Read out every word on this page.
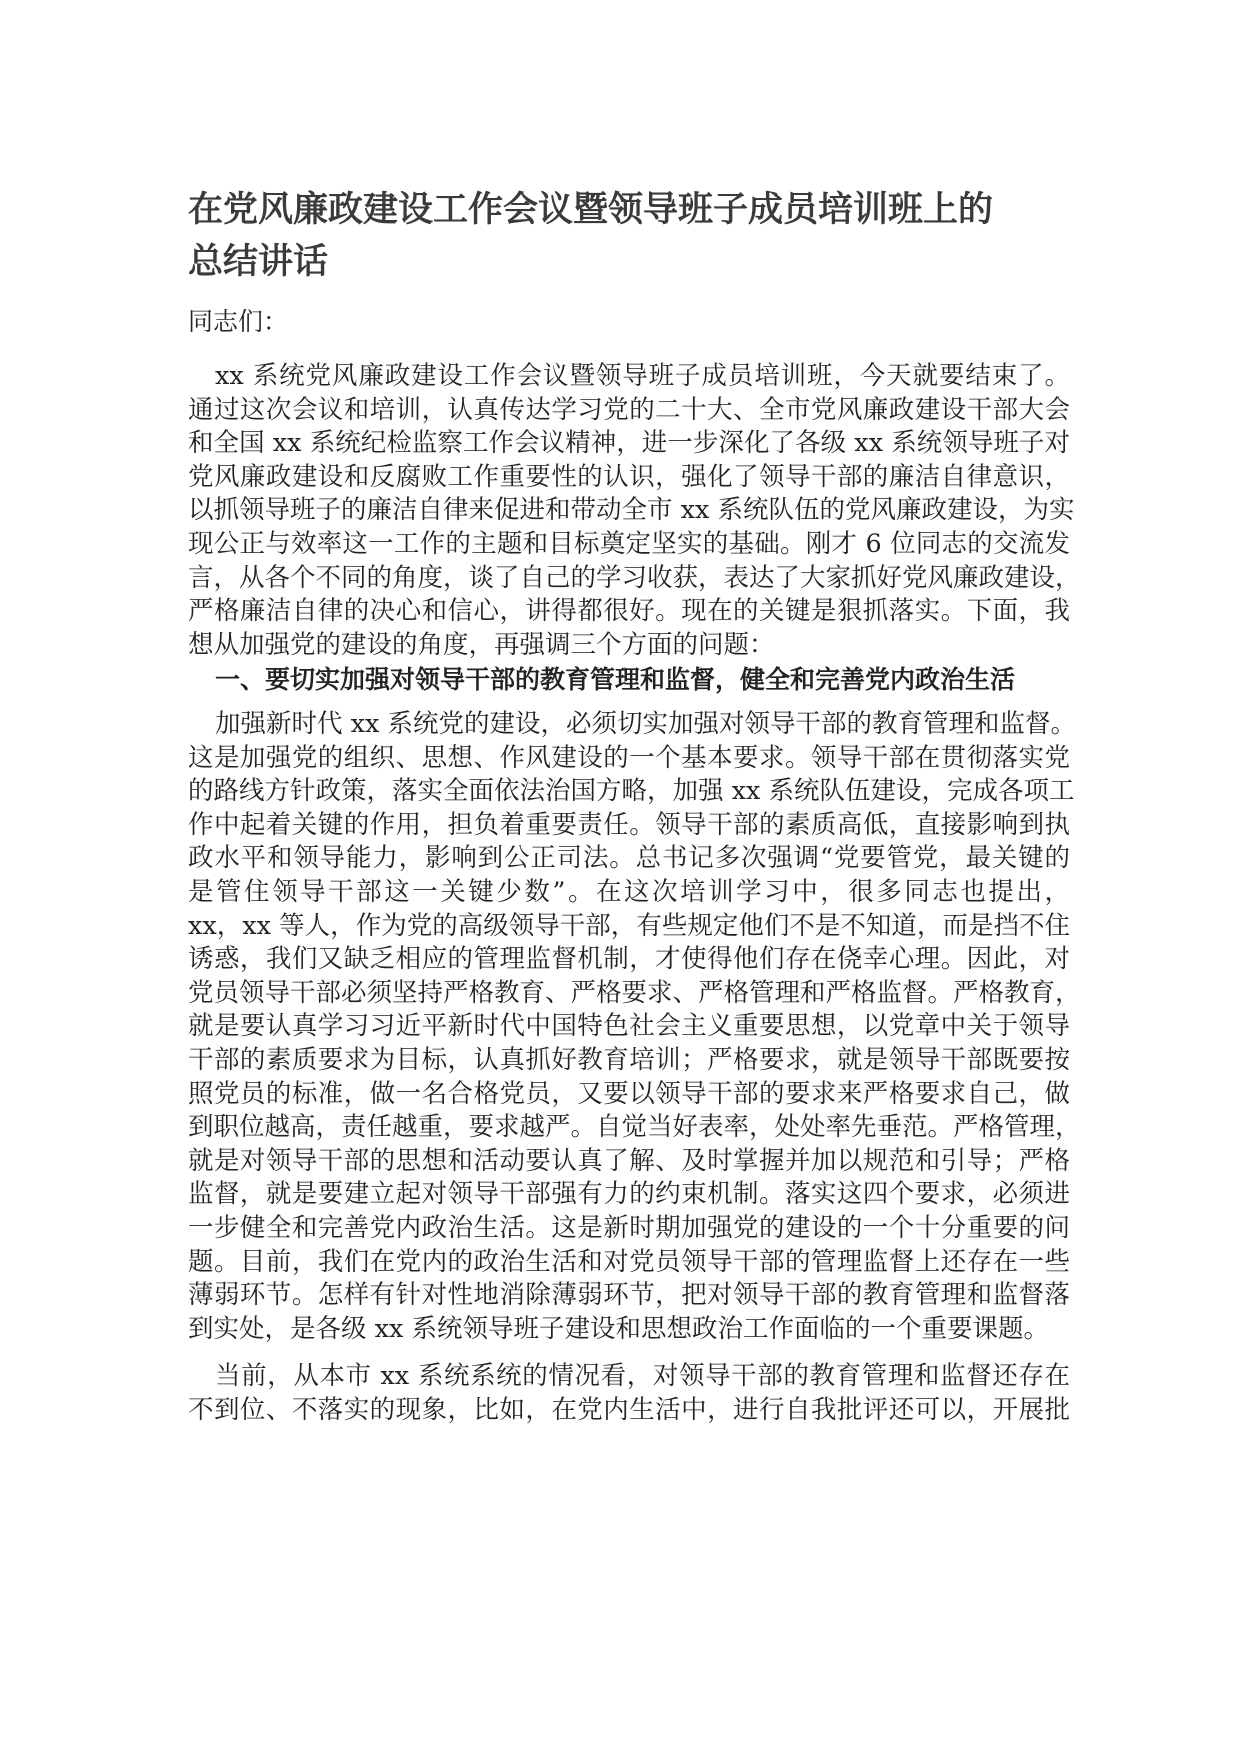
在党风廉政建设工作会议暨领导班子成员培训班上的
总结讲话
同志们：
xx 系统党风廉政建设工作会议暨领导班子成员培训班，今天就要结束了。
通过这次会议和培训，认真传达学习党的二十大、全市党风廉政建设干部大会
和全国 xx 系统纪检监察工作会议精神，进一步深化了各级 xx 系统领导班子对
党风廉政建设和反腐败工作重要性的认识，强化了领导干部的廉洁自律意识，
以抓领导班子的廉洁自律来促进和带动全市 xx 系统队伍的党风廉政建设，为实
现公正与效率这一工作的主题和目标奠定坚实的基础。刚才 6 位同志的交流发
言，从各个不同的角度，谈了自己的学习收获，表达了大家抓好党风廉政建设，
严格廉洁自律的决心和信心，讲得都很好。现在的关键是狠抓落实。下面，我
想从加强党的建设的角度，再强调三个方面的问题：
一、要切实加强对领导干部的教育管理和监督，健全和完善党内政治生活
加强新时代 xx 系统党的建设，必须切实加强对领导干部的教育管理和监督。
这是加强党的组织、思想、作风建设的一个基本要求。领导干部在贯彻落实党
的路线方针政策，落实全面依法治国方略，加强 xx 系统队伍建设，完成各项工
作中起着关键的作用，担负着重要责任。领导干部的素质高低，直接影响到执
政水平和领导能力，影响到公正司法。总书记多次强调“党要管党，最关键的
是管住领导干部这一关键少数”。在这次培训学习中，很多同志也提出，
xx，xx 等人，作为党的高级领导干部，有些规定他们不是不知道，而是挡不住
诱惑，我们又缺乏相应的管理监督机制，才使得他们存在侥幸心理。因此，对
党员领导干部必须坚持严格教育、严格要求、严格管理和严格监督。严格教育，
就是要认真学习习近平新时代中国特色社会主义重要思想，以党章中关于领导
干部的素质要求为目标，认真抓好教育培训；严格要求，就是领导干部既要按
照党员的标准，做一名合格党员，又要以领导干部的要求来严格要求自己，做
到职位越高，责任越重，要求越严。自觉当好表率，处处率先垂范。严格管理，
就是对领导干部的思想和活动要认真了解、及时掌握并加以规范和引导；严格
监督，就是要建立起对领导干部强有力的约束机制。落实这四个要求，必须进
一步健全和完善党内政治生活。这是新时期加强党的建设的一个十分重要的问
题。目前，我们在党内的政治生活和对党员领导干部的管理监督上还存在一些
薄弱环节。怎样有针对性地消除薄弱环节，把对领导干部的教育管理和监督落
到实处，是各级 xx 系统领导班子建设和思想政治工作面临的一个重要课题。
当前，从本市 xx 系统系统的情况看，对领导干部的教育管理和监督还存在
不到位、不落实的现象，比如，在党内生活中，进行自我批评还可以，开展批
